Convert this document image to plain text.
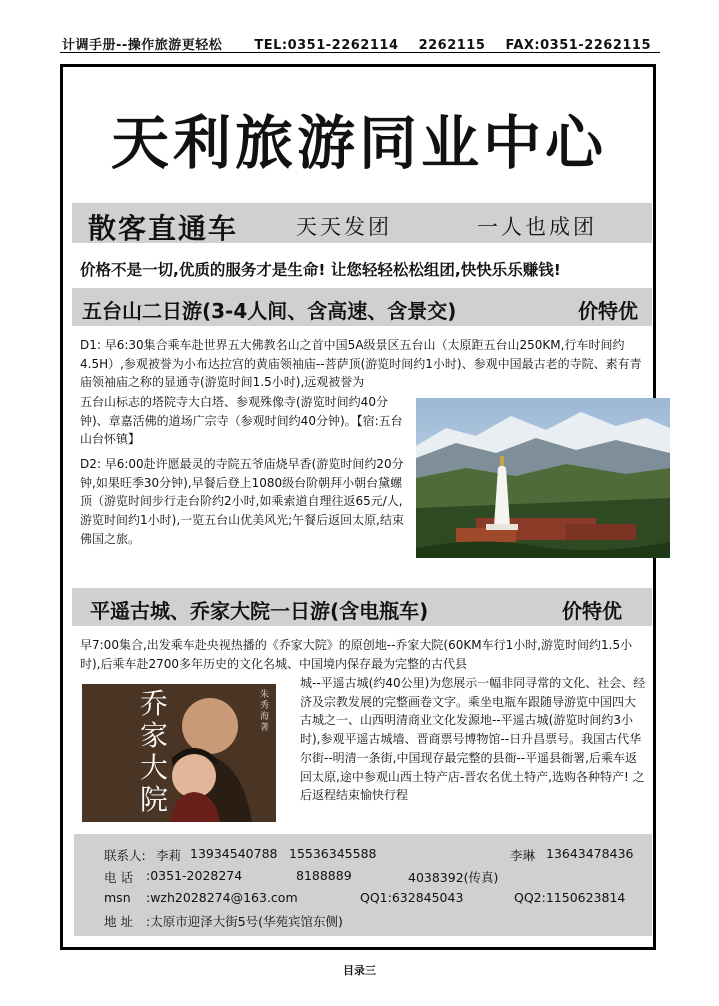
计调手册--操作旅游更轻松 TEL:0351-2262114 2262115 FAX:0351-2262115
天利旅游同业中心
散客直通车	天天发团	一人也成团
价格不是一切,优质的服务才是生命! 让您轻轻松松组团,快快乐乐赚钱!
五台山二日游(3-4人间、含高速、含景交)	价特优
D1: 早6:30集合乘车赴世界五大佛教名山之首中国5A级景区五台山（太原距五台山250KM,行车时间约4.5H）,参观被誉为小布达拉宫的黄庙领袖庙--菩萨顶(游览时间约1小时)、参观中国最古老的寺院、素有青庙领袖庙之称的显通寺(游览时间1.5小时),远观被誉为
五台山标志的塔院寺大白塔、参观殊像寺(游览时间约40分钟)、章嘉活佛的道场广宗寺（参观时间约40分钟)。【宿:五台山台怀镇】
D2: 早6:00赴许愿最灵的寺院五爷庙烧早香(游览时间约20分钟,如果旺季30分钟),早餐后登上1080级台阶朝拜小朝台黛螺顶（游览时间步行走台阶约2小时,如乘索道自理往返65元/人,游览时间约1小时),一览五台山优美风光;午餐后返回太原,结束佛国之旅。
平遥古城、乔家大院一日游(含电瓶车)	价特优
早7:00集合,出发乘车赴央视热播的《乔家大院》的原创地--乔家大院(60KM车行1小时,游览时间约1.5小时),后乘车赴2700多年历史的文化名城、中国境内保存最为完整的古代县
城--平遥古城(约40公里)为您展示一幅非同寻常的文化、社会、经济及宗教发展的完整画卷文字。乘坐电瓶车跟随导游览中国四大古城之一、山西明清商业文化发源地--平遥古城(游览时间约3小时),参观平遥古城墙、晋商票号博物馆--日升昌票号。我国古代华尔街--明清一条街,中国现存最完整的县衙--平遥县衙署,后乘车返回太原,途中参观山西土特产店-晋农名优土特产,选购各种特产! 之后返程结束愉快行程
乔家大院
朱秀海 著
联系人: 李莉 13934540788 15536345588	李琳 13643478436
电 话 :0351-2028274	8188889	4038392(传真)
msn :wzh2028274@163.com	QQ1:632845043	QQ2:1150623814
地 址 :太原市迎泽大街5号(华苑宾馆东侧)
目录三
